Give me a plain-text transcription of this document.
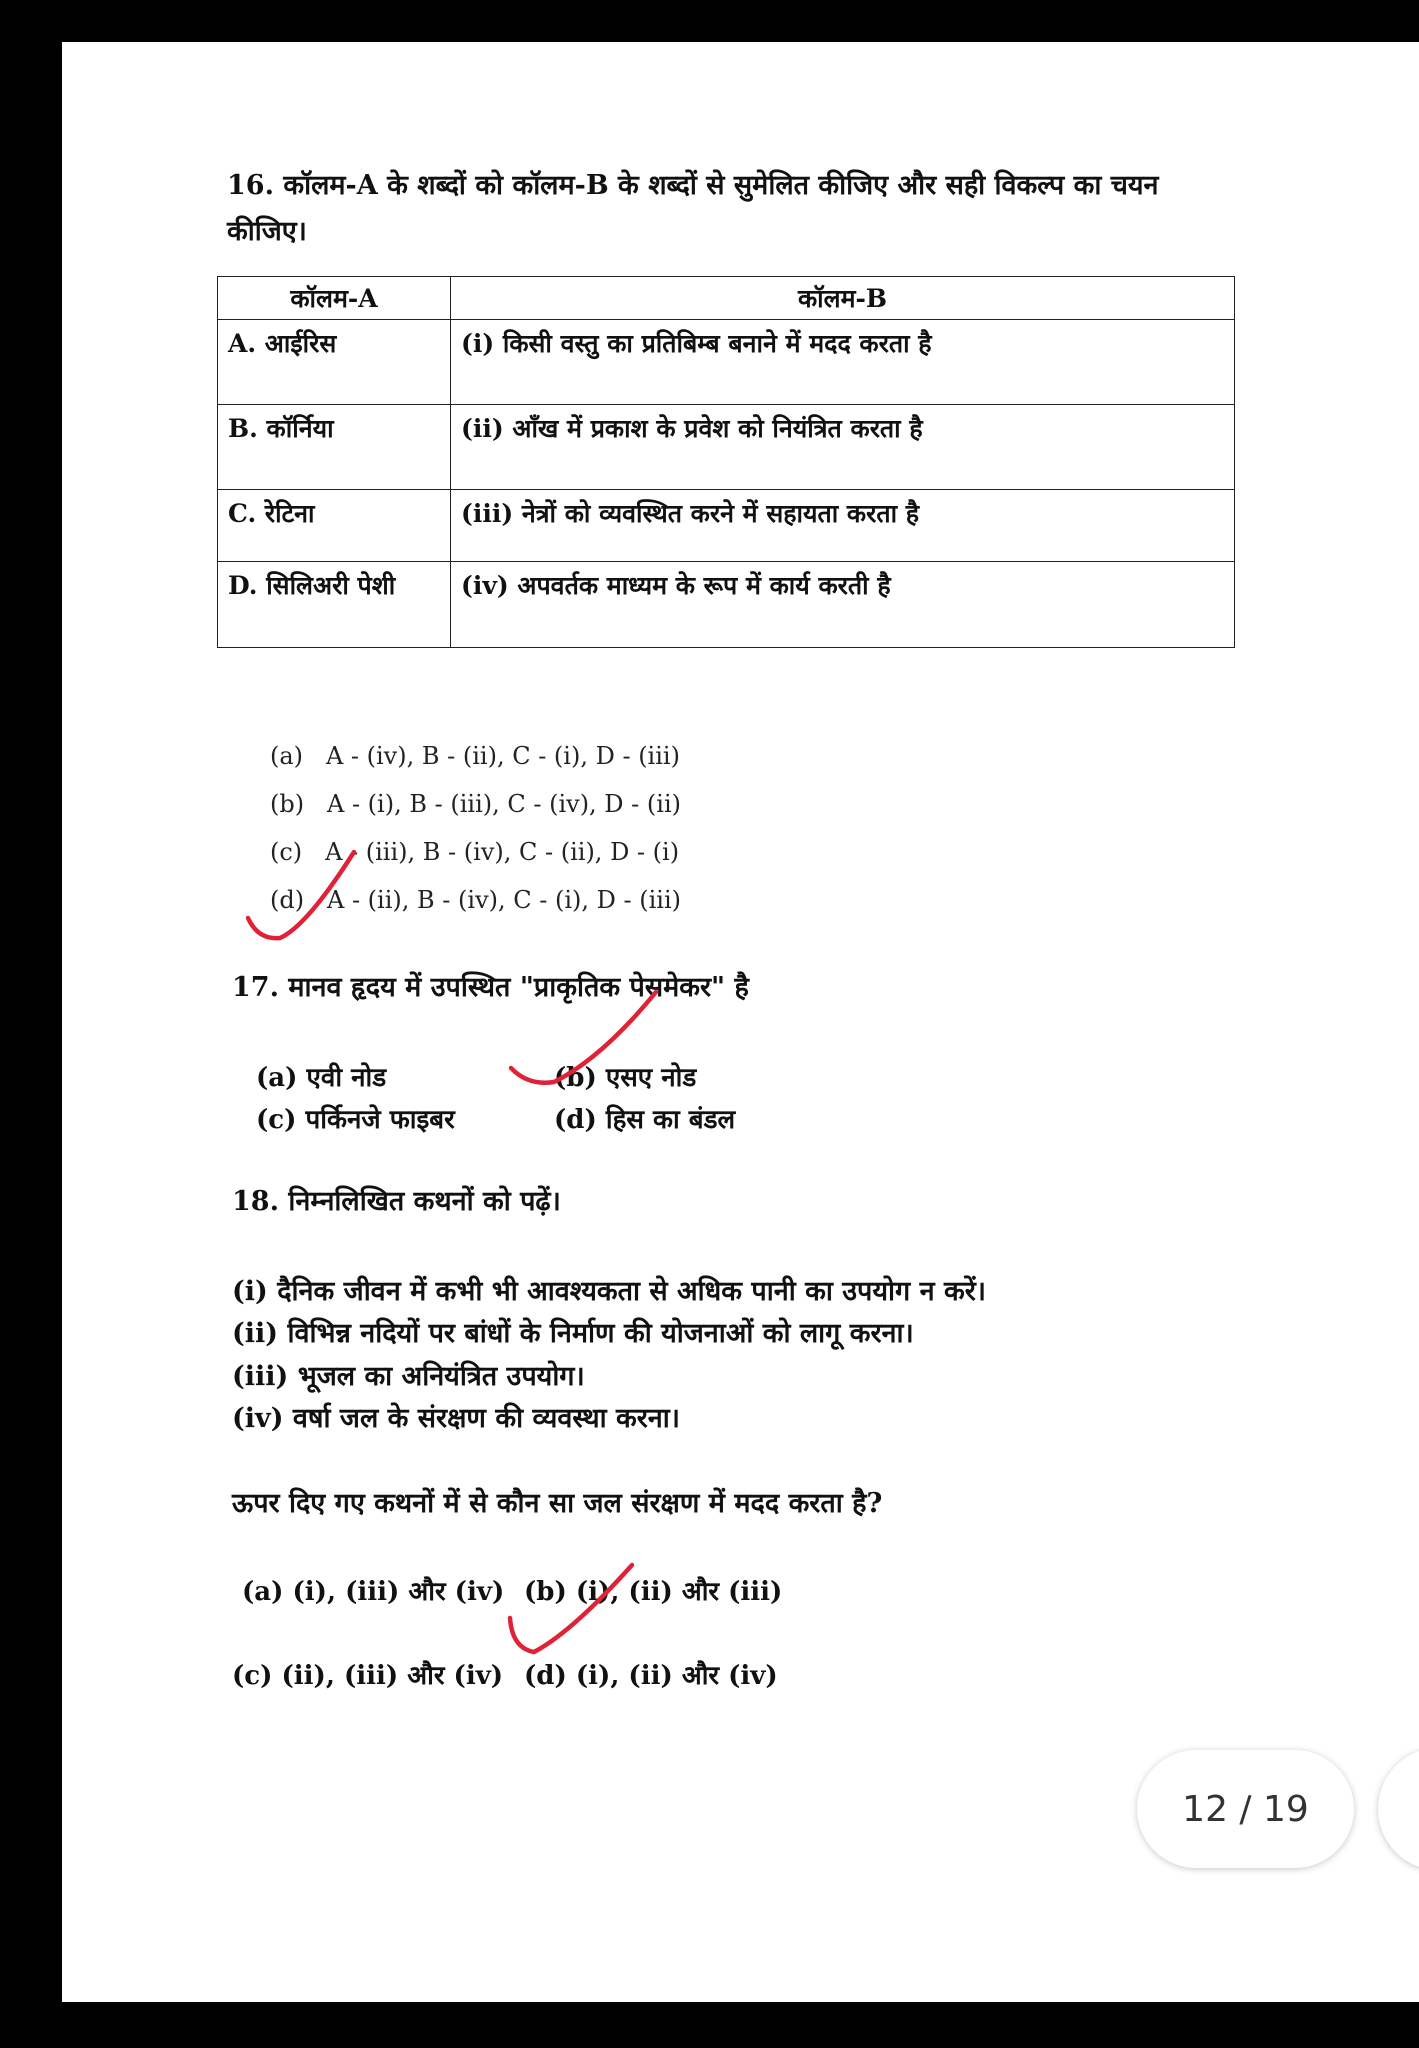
16. कॉलम-A के शब्दों को कॉलम-B के शब्दों से सुमेलित कीजिए और सही विकल्प का चयन
कीजिए।
कॉलम-A	कॉलम-B
A. आईरिस	(i) किसी वस्तु का प्रतिबिम्ब बनाने में मदद करता है
B. कॉर्निया	(ii) आँख में प्रकाश के प्रवेश को नियंत्रित करता है
C. रेटिना	(iii) नेत्रों को व्यवस्थित करने में सहायता करता है
D. सिलिअरी पेशी	(iv) अपवर्तक माध्यम के रूप में कार्य करती है
(a) A - (iv), B - (ii), C - (i), D - (iii)
(b) A - (i), B - (iii), C - (iv), D - (ii)
(c) A - (iii), B - (iv), C - (ii), D - (i)
(d) A - (ii), B - (iv), C - (i), D - (iii)
17. मानव हृदय में उपस्थित "प्राकृतिक पेसमेकर" है
(a) एवी नोड	(b) एसए नोड
(c) पर्किनजे फाइबर	(d) हिस का बंडल
18. निम्नलिखित कथनों को पढ़ें।
(i) दैनिक जीवन में कभी भी आवश्यकता से अधिक पानी का उपयोग न करें।
(ii) विभिन्न नदियों पर बांधों के निर्माण की योजनाओं को लागू करना।
(iii) भूजल का अनियंत्रित उपयोग।
(iv) वर्षा जल के संरक्षण की व्यवस्था करना।
ऊपर दिए गए कथनों में से कौन सा जल संरक्षण में मदद करता है?
(a) (i), (iii) और (iv) (b) (i), (ii) और (iii)
(c) (ii), (iii) और (iv) (d) (i), (ii) और (iv)
12 / 19
